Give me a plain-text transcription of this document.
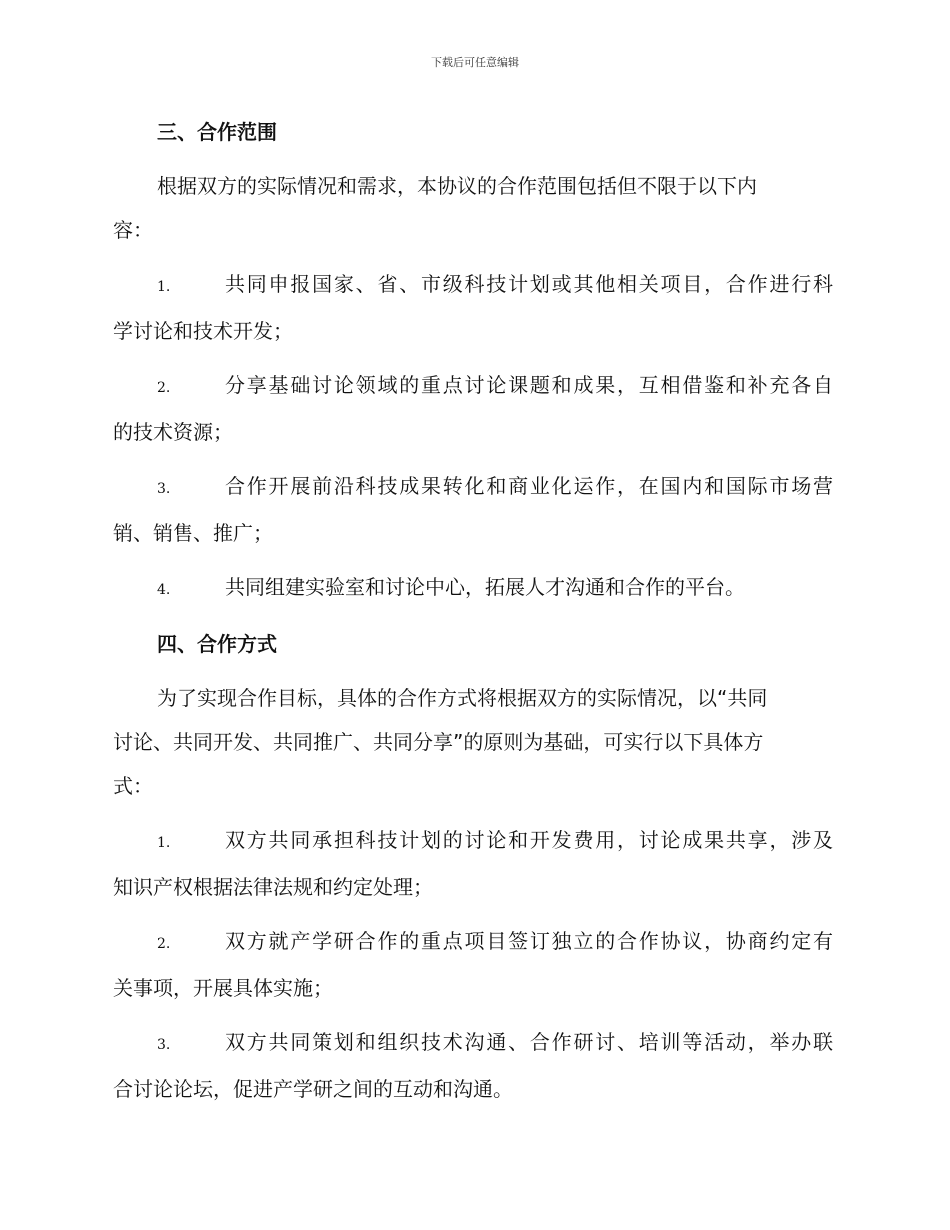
下载后可任意编辑

三、合作范围

根据双方的实际情况和需求，本协议的合作范围包括但不限于以下内

容：

1.	共同申报国家、省、市级科技计划或其他相关项目，合作进行科

学讨论和技术开发；

2.	分享基础讨论领域的重点讨论课题和成果，互相借鉴和补充各自

的技术资源；

3.	合作开展前沿科技成果转化和商业化运作，在国内和国际市场营

销、销售、推广；

4.	共同组建实验室和讨论中心，拓展人才沟通和合作的平台。

四、合作方式

为了实现合作目标，具体的合作方式将根据双方的实际情况，以“共同

讨论、共同开发、共同推广、共同分享”的原则为基础，可实行以下具体方

式：

1.	双方共同承担科技计划的讨论和开发费用，讨论成果共享，涉及

知识产权根据法律法规和约定处理；

2.	双方就产学研合作的重点项目签订独立的合作协议，协商约定有

关事项，开展具体实施；

3.	双方共同策划和组织技术沟通、合作研讨、培训等活动，举办联

合讨论论坛，促进产学研之间的互动和沟通。
